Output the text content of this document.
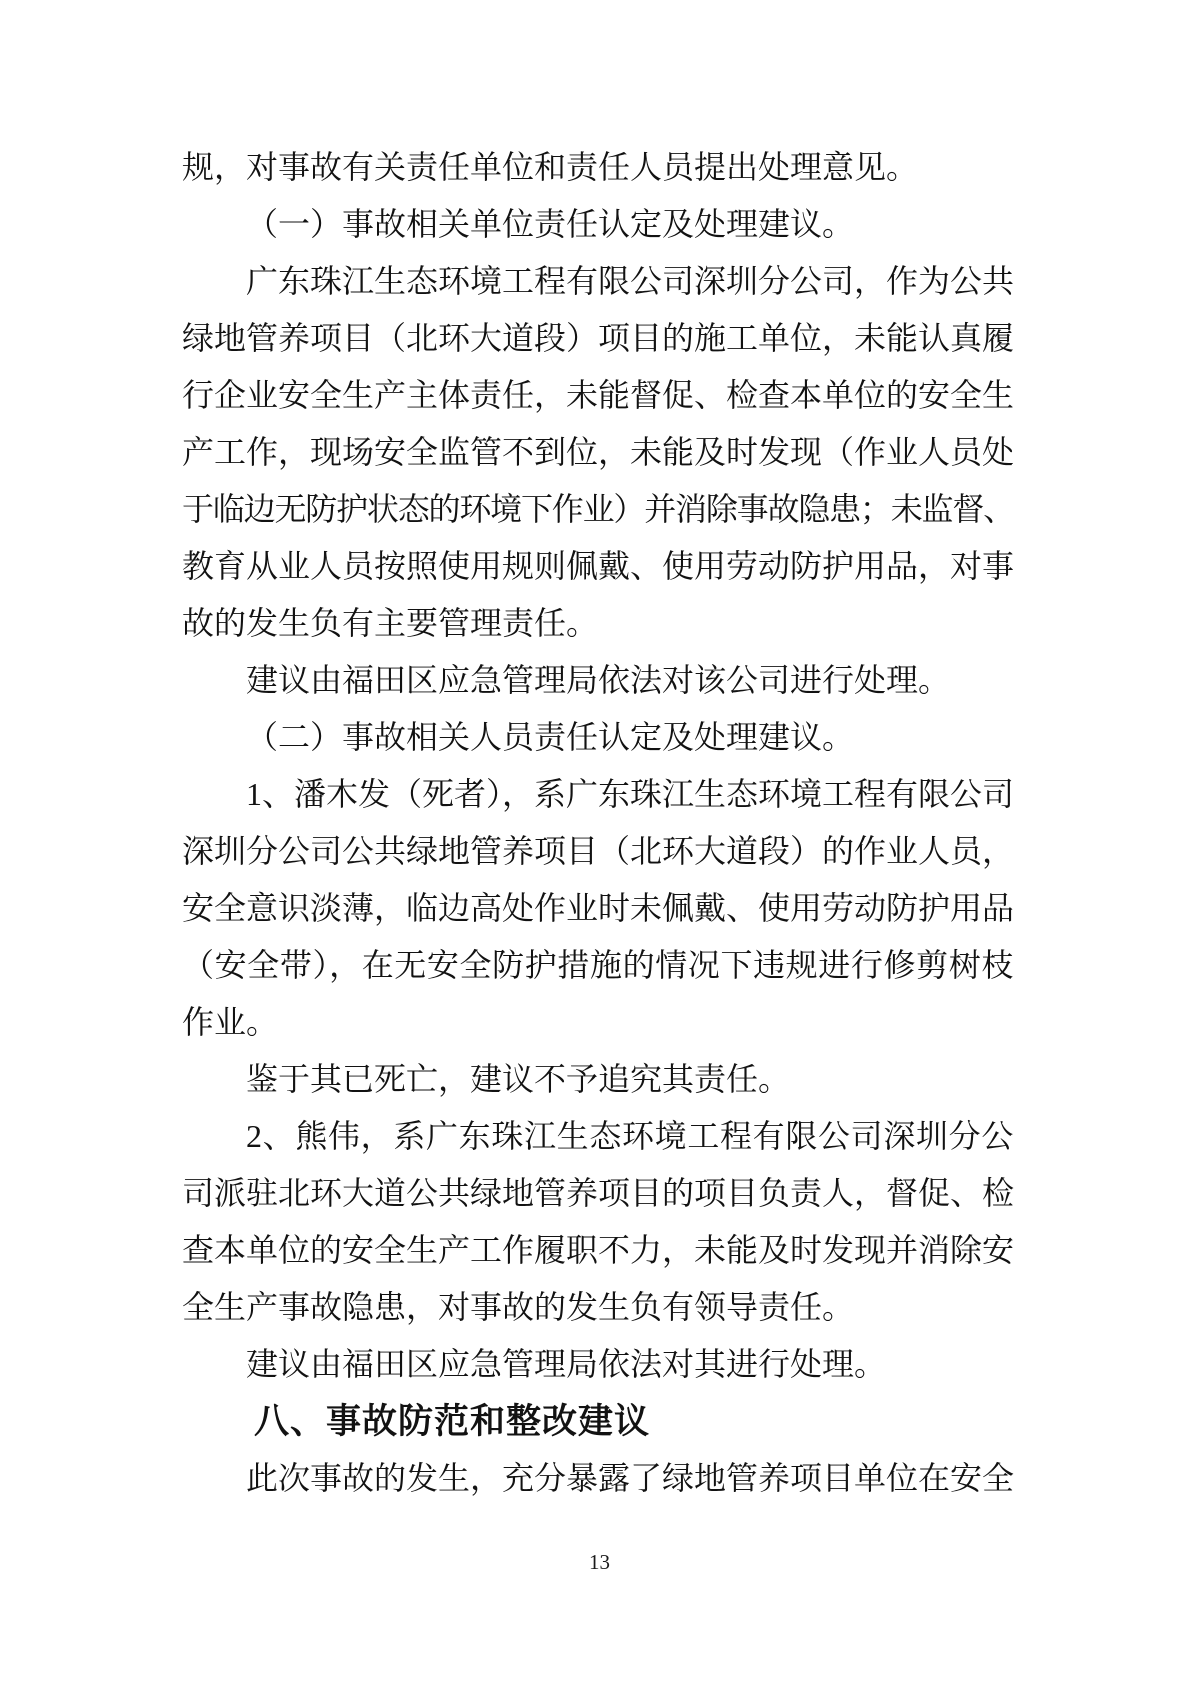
规，对事故有关责任单位和责任人员提出处理意见。
（一）事故相关单位责任认定及处理建议。
广东珠江生态环境工程有限公司深圳分公司，作为公共
绿地管养项目（北环大道段）项目的施工单位，未能认真履
行企业安全生产主体责任，未能督促、检查本单位的安全生
产工作，现场安全监管不到位，未能及时发现（作业人员处
于临边无防护状态的环境下作业）并消除事故隐患；未监督、
教育从业人员按照使用规则佩戴、使用劳动防护用品，对事
故的发生负有主要管理责任。
建议由福田区应急管理局依法对该公司进行处理。
（二）事故相关人员责任认定及处理建议。
1、潘木发（死者），系广东珠江生态环境工程有限公司
深圳分公司公共绿地管养项目（北环大道段）的作业人员，
安全意识淡薄，临边高处作业时未佩戴、使用劳动防护用品
（安全带），在无安全防护措施的情况下违规进行修剪树枝
作业。
鉴于其已死亡，建议不予追究其责任。
2、熊伟，系广东珠江生态环境工程有限公司深圳分公
司派驻北环大道公共绿地管养项目的项目负责人，督促、检
查本单位的安全生产工作履职不力，未能及时发现并消除安
全生产事故隐患，对事故的发生负有领导责任。
建议由福田区应急管理局依法对其进行处理。
八、事故防范和整改建议
此次事故的发生，充分暴露了绿地管养项目单位在安全
13
